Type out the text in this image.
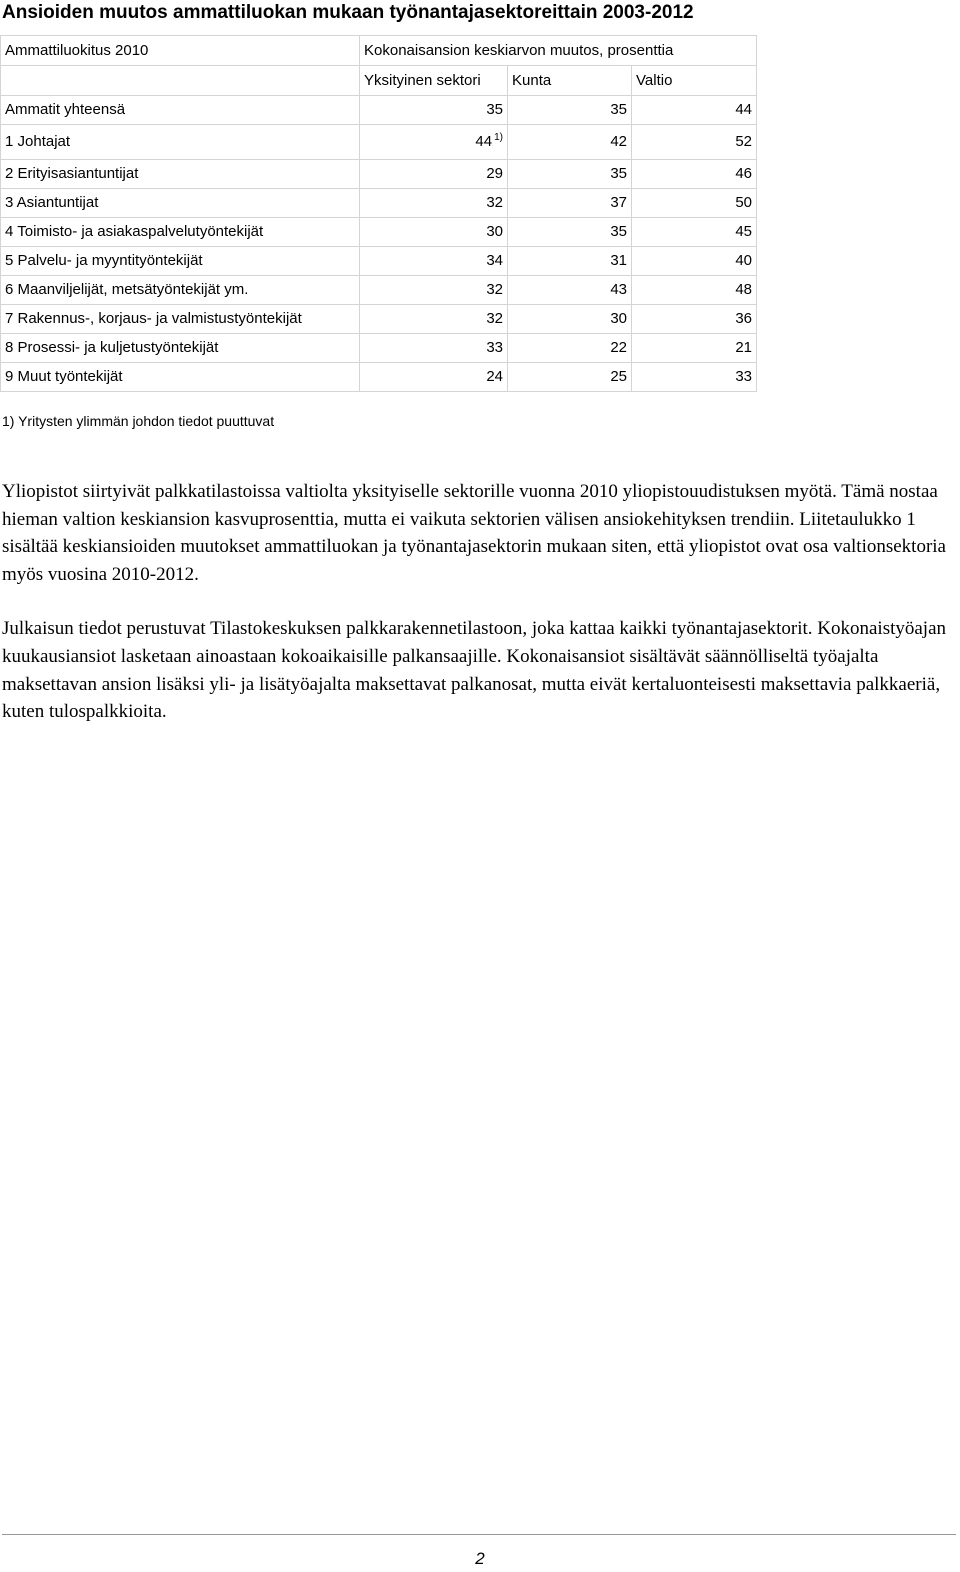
Ansioiden muutos ammattiluokan mukaan työnantajasektoreittain 2003-2012
Ammattiluokitus 2010	Kokonaisansion keskiarvon muutos, prosenttia		
	Yksityinen sektori	Kunta	Valtio
Ammatit yhteensä	35	35	44
1 Johtajat	44 $^{1)}$	42	52
2 Erityisasiantuntijat	29	35	46
3 Asiantuntijat	32	37	50
4 Toimisto- ja asiakaspalvelutyöntekijät	30	35	45
5 Palvelu- ja myyntityöntekijät	34	31	40
6 Maanviljelijät, metsätyöntekijät ym.	32	43	48
7 Rakennus-, korjaus- ja valmistustyöntekijät	32	30	36
8 Prosessi- ja kuljetustyöntekijät	33	22	21
9 Muut työntekijät	24	25	33
1) Yritysten ylimmän johdon tiedot puuttuvat

Yliopistot siirtyivät palkkatilastoissa valtiolta yksityiselle sektorille vuonna 2010 yliopistouudistuksen myötä. Tämä nostaa hieman valtion keskiansion kasvuprosenttia, mutta ei vaikuta sektorien välisen ansiokehityksen trendiin. Liitetaulukko 1 sisältää keskiansioiden muutokset ammattiluokan ja työnantajasektorin mukaan siten, että yliopistot ovat osa valtionsektoria myös vuosina 2010-2012.

Julkaisun tiedot perustuvat Tilastokeskuksen palkkarakennetilastoon, joka kattaa kaikki työnantajasektorit. Kokonaistyöajan kuukausiansiot lasketaan ainoastaan kokoaikaisille palkansaajille. Kokonaisansiot sisältävät säännölliseltä työajalta maksettavan ansion lisäksi yli- ja lisätyöajalta maksettavat palkanosat, mutta eivät kertaluonteisesti maksettavia palkkaeriä, kuten tulospalkkioita.

2
